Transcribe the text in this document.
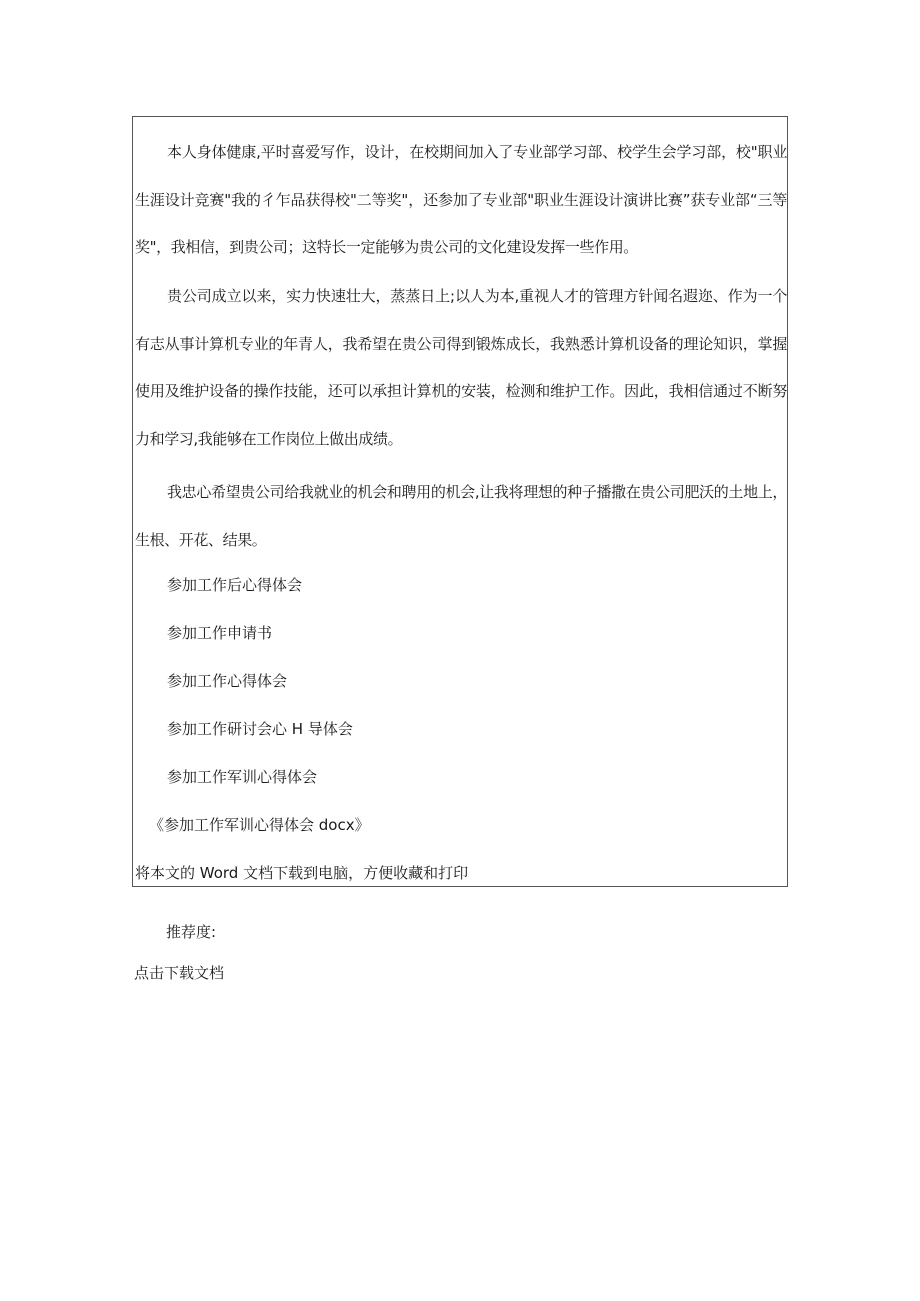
本人身体健康,平时喜爱写作，设计，在校期间加入了专业部学习部、校学生会学习部，校"职业生涯设计竞赛"我的彳乍品获得校"二等奖"，还参加了专业部"职业生涯设计演讲比赛”获专业部“三等奖"，我相信，到贵公司；这特长一定能够为贵公司的文化建设发挥一些作用。

贵公司成立以来，实力快速壮大，蒸蒸日上;以人为本,重视人才的管理方针闻名遐迩、作为一个有志从事计算机专业的年青人，我希望在贵公司得到锻炼成长，我熟悉计算机设备的理论知识，掌握使用及维护设备的操作技能，还可以承担计算机的安装，检测和维护工作。因此，我相信通过不断努力和学习,我能够在工作岗位上做出成绩。

我忠心希望贵公司给我就业的机会和聘用的机会,让我将理想的种子播撒在贵公司肥沃的土地上，生根、开花、结果。

参加工作后心得体会

参加工作申请书

参加工作心得体会

参加工作研讨会心 H 导体会

参加工作军训心得体会

《参加工作军训心得体会 docx》

将本文的 Word 文档下载到电脑，方便收藏和打印

推荐度:

点击下载文档
